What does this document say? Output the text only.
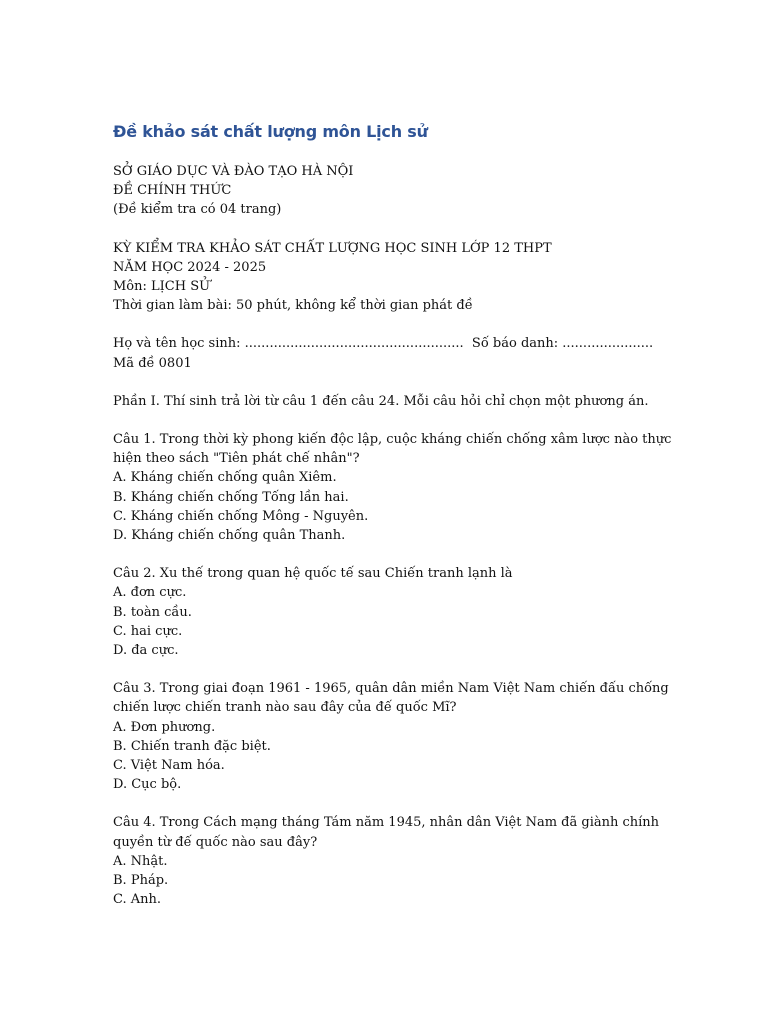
Đề khảo sát chất lượng môn Lịch sử
SỞ GIÁO DỤC VÀ ĐÀO TẠO HÀ NỘI
ĐỀ CHÍNH THỨC
(Đề kiểm tra có 04 trang)
KỲ KIỂM TRA KHẢO SÁT CHẤT LƯỢNG HỌC SINH LỚP 12 THPT
NĂM HỌC 2024 - 2025
Môn: LỊCH SỬ
Thời gian làm bài: 50 phút, không kể thời gian phát đề
Họ và tên học sinh: .....................................................  Số báo danh: ......................
Mã đề 0801
Phần I. Thí sinh trả lời từ câu 1 đến câu 24. Mỗi câu hỏi chỉ chọn một phương án.
Câu 1. Trong thời kỳ phong kiến độc lập, cuộc kháng chiến chống xâm lược nào thực hiện theo sách "Tiên phát chế nhân"?
A. Kháng chiến chống quân Xiêm.
B. Kháng chiến chống Tống lần hai.
C. Kháng chiến chống Mông - Nguyên.
D. Kháng chiến chống quân Thanh.
Câu 2. Xu thế trong quan hệ quốc tế sau Chiến tranh lạnh là
A. đơn cực.
B. toàn cầu.
C. hai cực.
D. đa cực.
Câu 3. Trong giai đoạn 1961 - 1965, quân dân miền Nam Việt Nam chiến đấu chống chiến lược chiến tranh nào sau đây của đế quốc Mĩ?
A. Đơn phương.
B. Chiến tranh đặc biệt.
C. Việt Nam hóa.
D. Cục bộ.
Câu 4. Trong Cách mạng tháng Tám năm 1945, nhân dân Việt Nam đã giành chính quyền từ đế quốc nào sau đây?
A. Nhật.
B. Pháp.
C. Anh.
